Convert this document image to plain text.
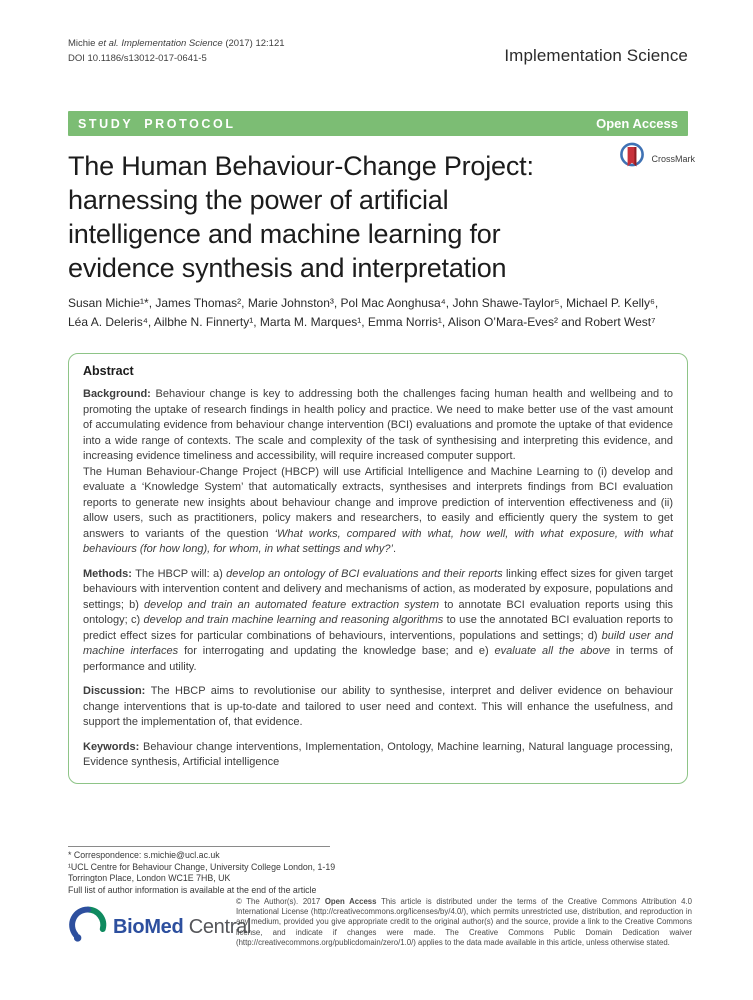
Michie et al. Implementation Science (2017) 12:121
DOI 10.1186/s13012-017-0641-5	Implementation Science
STUDY PROTOCOL	Open Access
CrossMark
The Human Behaviour-Change Project:
harnessing the power of artificial
intelligence and machine learning for
evidence synthesis and interpretation
Susan Michie¹*, James Thomas², Marie Johnston³, Pol Mac Aonghusa⁴, John Shawe-Taylor⁵, Michael P. Kelly⁶,
Léa A. Deleris⁴, Ailbhe N. Finnerty¹, Marta M. Marques¹, Emma Norris¹, Alison O’Mara-Eves² and Robert West⁷
Abstract

Background: Behaviour change is key to addressing both the challenges facing human health and wellbeing and to promoting the uptake of research findings in health policy and practice. We need to make better use of the vast amount of accumulating evidence from behaviour change intervention (BCI) evaluations and promote the uptake of that evidence into a wide range of contexts. The scale and complexity of the task of synthesising and interpreting this evidence, and increasing evidence timeliness and accessibility, will require increased computer support.

The Human Behaviour-Change Project (HBCP) will use Artificial Intelligence and Machine Learning to (i) develop and evaluate a ‘Knowledge System’ that automatically extracts, synthesises and interprets findings from BCI evaluation reports to generate new insights about behaviour change and improve prediction of intervention effectiveness and (ii) allow users, such as practitioners, policy makers and researchers, to easily and efficiently query the system to get answers to variants of the question ‘What works, compared with what, how well, with what exposure, with what behaviours (for how long), for whom, in what settings and why?’.

Methods: The HBCP will: a) develop an ontology of BCI evaluations and their reports linking effect sizes for given target behaviours with intervention content and delivery and mechanisms of action, as moderated by exposure, populations and settings; b) develop and train an automated feature extraction system to annotate BCI evaluation reports using this ontology; c) develop and train machine learning and reasoning algorithms to use the annotated BCI evaluation reports to predict effect sizes for particular combinations of behaviours, interventions, populations and settings; d) build user and machine interfaces for interrogating and updating the knowledge base; and e) evaluate all the above in terms of performance and utility.

Discussion: The HBCP aims to revolutionise our ability to synthesise, interpret and deliver evidence on behaviour change interventions that is up-to-date and tailored to user need and context. This will enhance the usefulness, and support the implementation of, that evidence.

Keywords: Behaviour change interventions, Implementation, Ontology, Machine learning, Natural language processing, Evidence synthesis, Artificial intelligence

* Correspondence: s.michie@ucl.ac.uk
¹UCL Centre for Behaviour Change, University College London, 1-19
Torrington Place, London WC1E 7HB, UK
Full list of author information is available at the end of the article
BioMed Central
© The Author(s). 2017 Open Access This article is distributed under the terms of the Creative Commons Attribution 4.0 International License (http://creativecommons.org/licenses/by/4.0/), which permits unrestricted use, distribution, and reproduction in any medium, provided you give appropriate credit to the original author(s) and the source, provide a link to the Creative Commons license, and indicate if changes were made. The Creative Commons Public Domain Dedication waiver (http://creativecommons.org/publicdomain/zero/1.0/) applies to the data made available in this article, unless otherwise stated.
